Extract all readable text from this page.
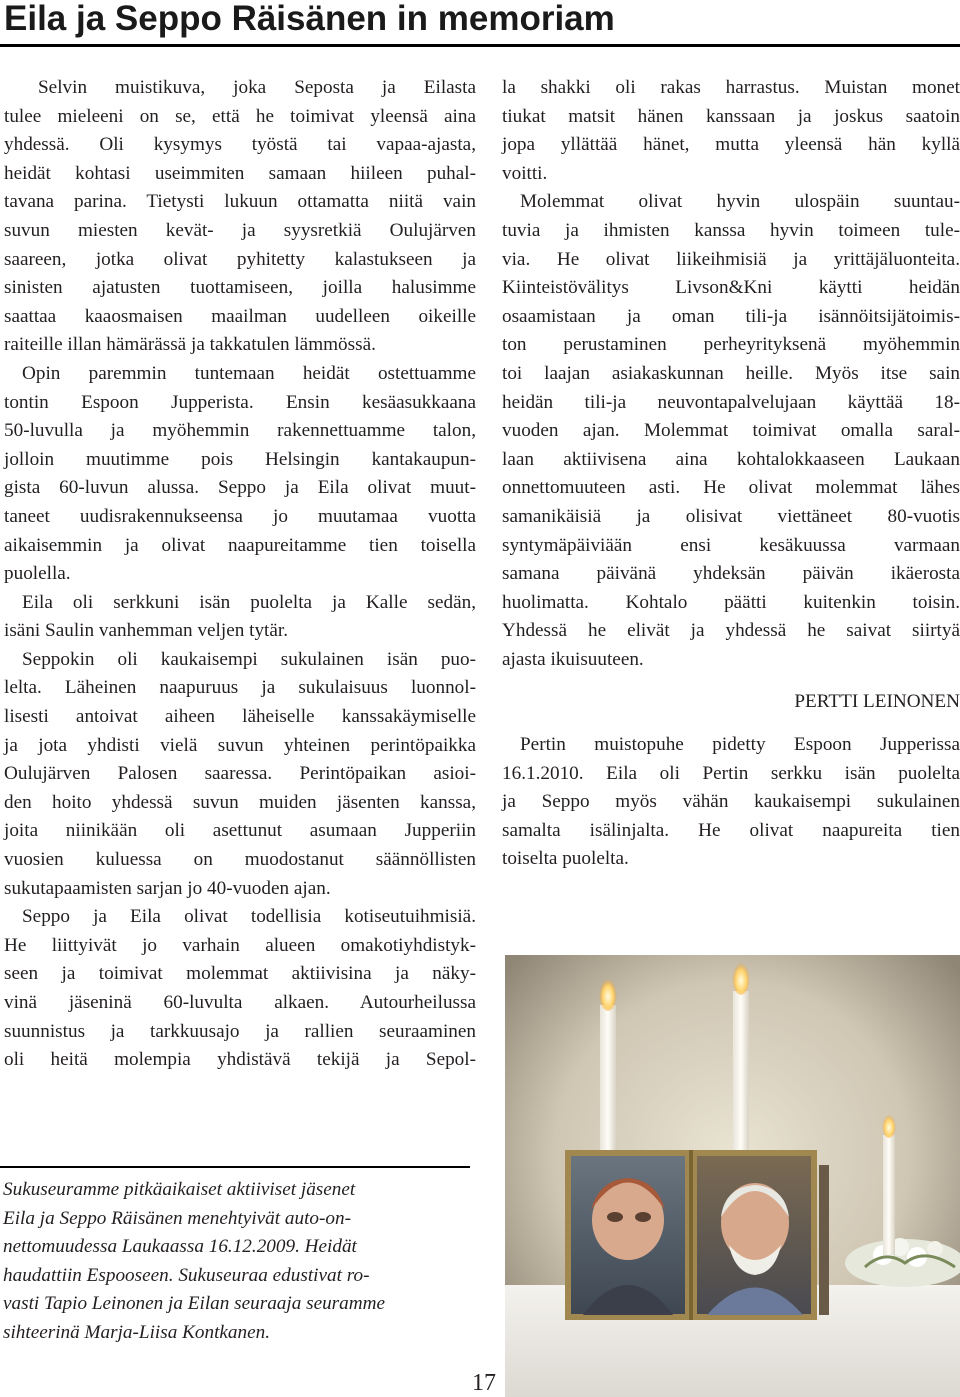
Eila ja Seppo Räisänen in memoriam
Selvin muistikuva, joka Seposta ja Eilasta
tulee mieleeni on se, että he toimivat yleensä aina
yhdessä. Oli kysymys työstä tai vapaa-ajasta,
heidät kohtasi useimmiten samaan hiileen puhal-
tavana parina. Tietysti lukuun ottamatta niitä vain
suvun miesten kevät- ja syysretkiä Oulujärven
saareen, jotka olivat pyhitetty kalastukseen ja
sinisten ajatusten tuottamiseen, joilla halusimme
saattaa kaaosmaisen maailman uudelleen oikeille
raiteille illan hämärässä ja takkatulen lämmössä.
Opin paremmin tuntemaan heidät ostettuamme
tontin Espoon Jupperista. Ensin kesäasukkaana
50-luvulla ja myöhemmin rakennettuamme talon,
jolloin muutimme pois Helsingin kantakaupun-
gista 60-luvun alussa. Seppo ja Eila olivat muut-
taneet uudisrakennukseensa jo muutamaa vuotta
aikaisemmin ja olivat naapureitamme tien toisella
puolella.
Eila oli serkkuni isän puolelta ja Kalle sedän,
isäni Saulin vanhemman veljen tytär.
Seppokin oli kaukaisempi sukulainen isän puo-
lelta. Läheinen naapuruus ja sukulaisuus luonnol-
lisesti antoivat aiheen läheiselle kanssakäymiselle
ja jota yhdisti vielä suvun yhteinen perintöpaikka
Oulujärven Palosen saaressa. Perintöpaikan asioi-
den hoito yhdessä suvun muiden jäsenten kanssa,
joita niinikään oli asettunut asumaan Jupperiin
vuosien kuluessa on muodostanut säännöllisten
sukutapaamisten sarjan jo 40-vuoden ajan.
Seppo ja Eila olivat todellisia kotiseutuihmisiä.
He liittyivät jo varhain alueen omakotiyhdistyk-
seen ja toimivat molemmat aktiivisina ja näky-
vinä jäseninä 60-luvulta alkaen. Autourheilussa
suunnistus ja tarkkuusajo ja rallien seuraaminen
oli heitä molempia yhdistävä tekijä ja Sepol-
la shakki oli rakas harrastus. Muistan monet
tiukat matsit hänen kanssaan ja joskus saatoin
jopa yllättää hänet, mutta yleensä hän kyllä
voitti.
Molemmat olivat hyvin ulospäin suuntau-
tuvia ja ihmisten kanssa hyvin toimeen tule-
via. He olivat liikeihmisiä ja yrittäjäluonteita.
Kiinteistövälitys Livson&Kni käytti heidän
osaamistaan ja oman tili-ja isännöitsijätoimis-
ton perustaminen perheyrityksenä myöhemmin
toi laajan asiakaskunnan heille. Myös itse sain
heidän tili-ja neuvontapalvelujaan käyttää 18-
vuoden ajan. Molemmat toimivat omalla saral-
laan aktiivisena aina kohtalokkaaseen Laukaan
onnettomuuteen asti. He olivat molemmat lähes
samanikäisiä ja olisivat viettäneet 80-vuotis
syntymäpäiviään ensi kesäkuussa varmaan
samana päivänä yhdeksän päivän ikäerosta
huolimatta. Kohtalo päätti kuitenkin toisin.
Yhdessä he elivät ja yhdessä he saivat siirtyä
ajasta ikuisuuteen.
PERTTI LEINONEN
Pertin muistopuhe pidetty Espoon Jupperissa
16.1.2010. Eila oli Pertin serkku isän puolelta
ja Seppo myös vähän kaukaisempi sukulainen
samalta isälinjalta. He olivat naapureita tien
toiselta puolelta.
Sukuseuramme pitkäaikaiset aktiiviset jäsenet
Eila ja Seppo Räisänen menehtyivät auto-on-
nettomuudessa Laukaassa 16.12.2009. Heidät
haudattiin Espooseen. Sukuseuraa edustivat ro-
vasti Tapio Leinonen ja Eilan seuraaja seuramme
sihteerinä Marja-Liisa Kontkanen.
17
